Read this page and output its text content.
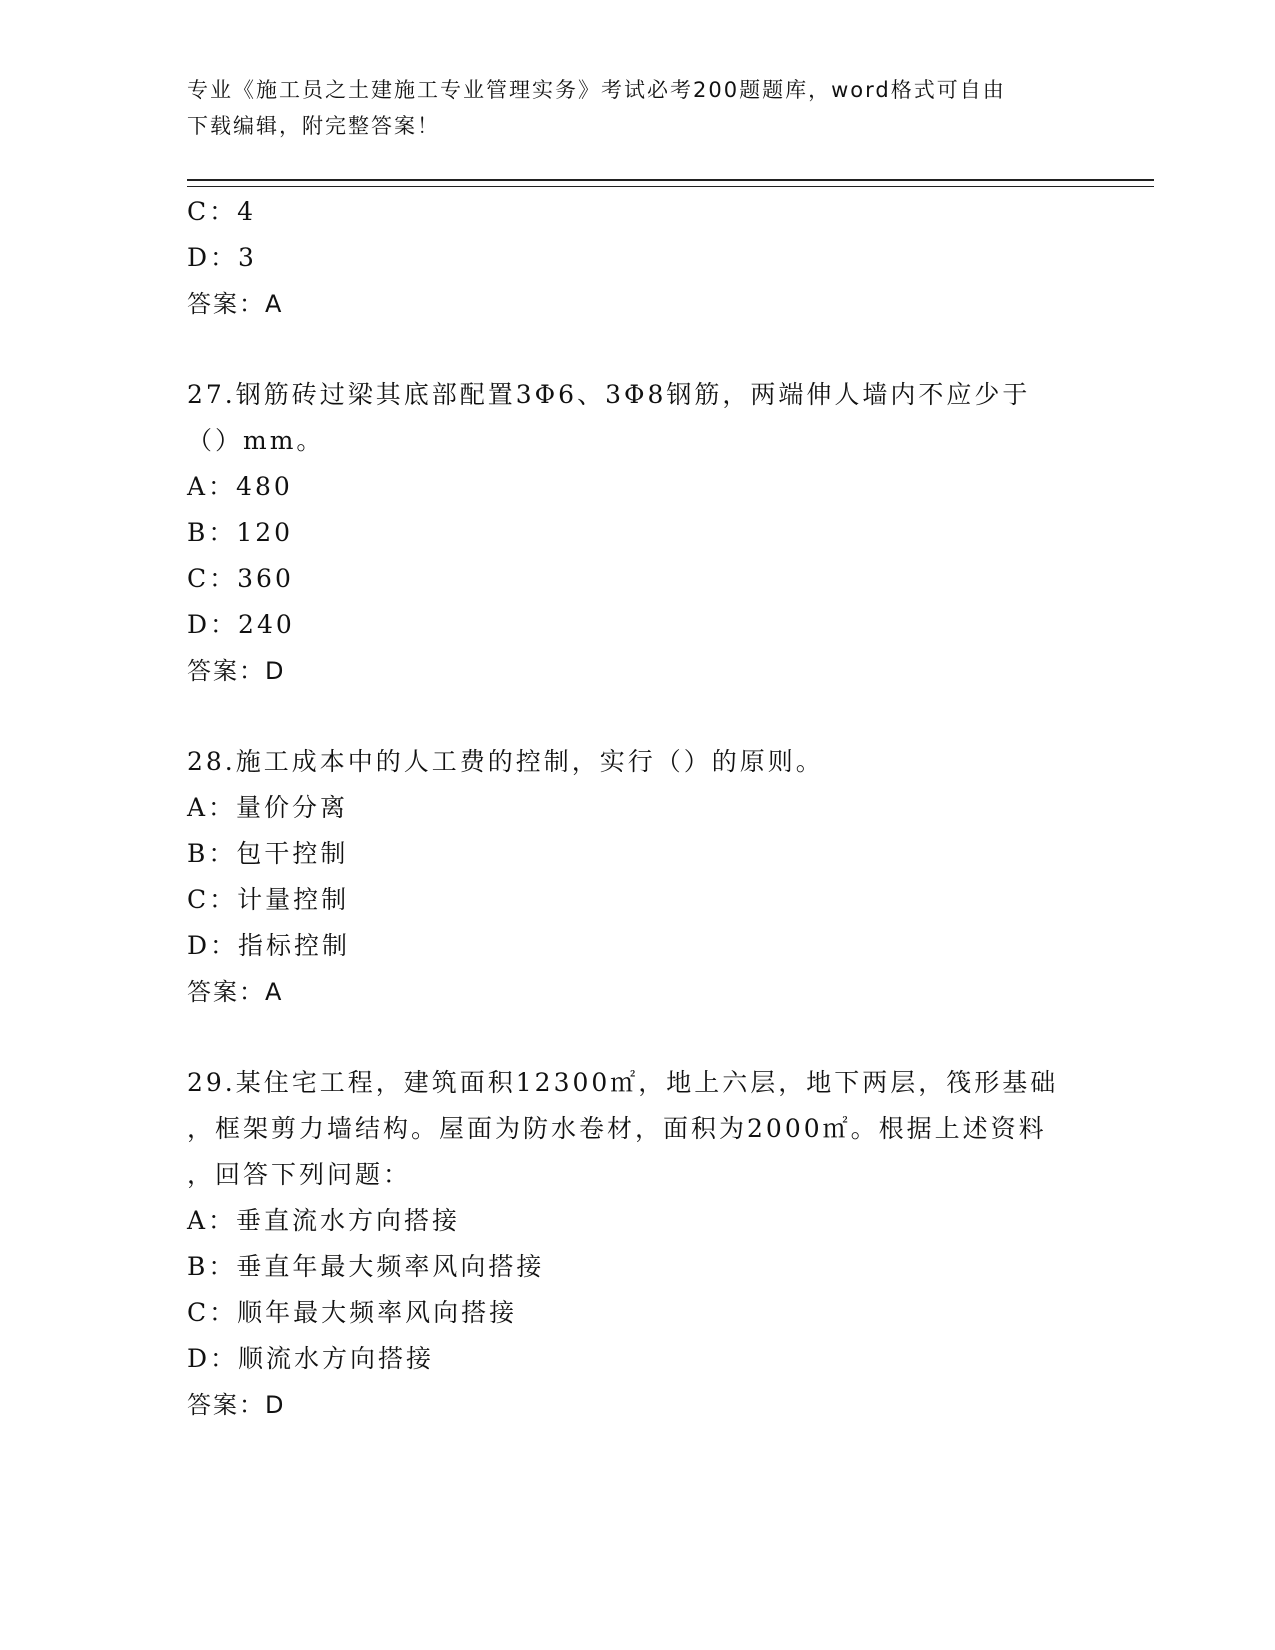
专业《施工员之土建施工专业管理实务》考试必考200题题库，word格式可自由
下载编辑，附完整答案！
C：4
D：3
答案：A
27.钢筋砖过梁其底部配置3Φ6、3Φ8钢筋，两端伸人墙内不应少于
（）mm。
A：480
B：120
C：360
D：240
答案：D
28.施工成本中的人工费的控制，实行（）的原则。
A：量价分离
B：包干控制
C：计量控制
D：指标控制
答案：A
29.某住宅工程，建筑面积12300㎡，地上六层，地下两层，筏形基础
，框架剪力墙结构。屋面为防水卷材，面积为2000㎡。根据上述资料
，回答下列问题：
A：垂直流水方向搭接
B：垂直年最大频率风向搭接
C：顺年最大频率风向搭接
D：顺流水方向搭接
答案：D
